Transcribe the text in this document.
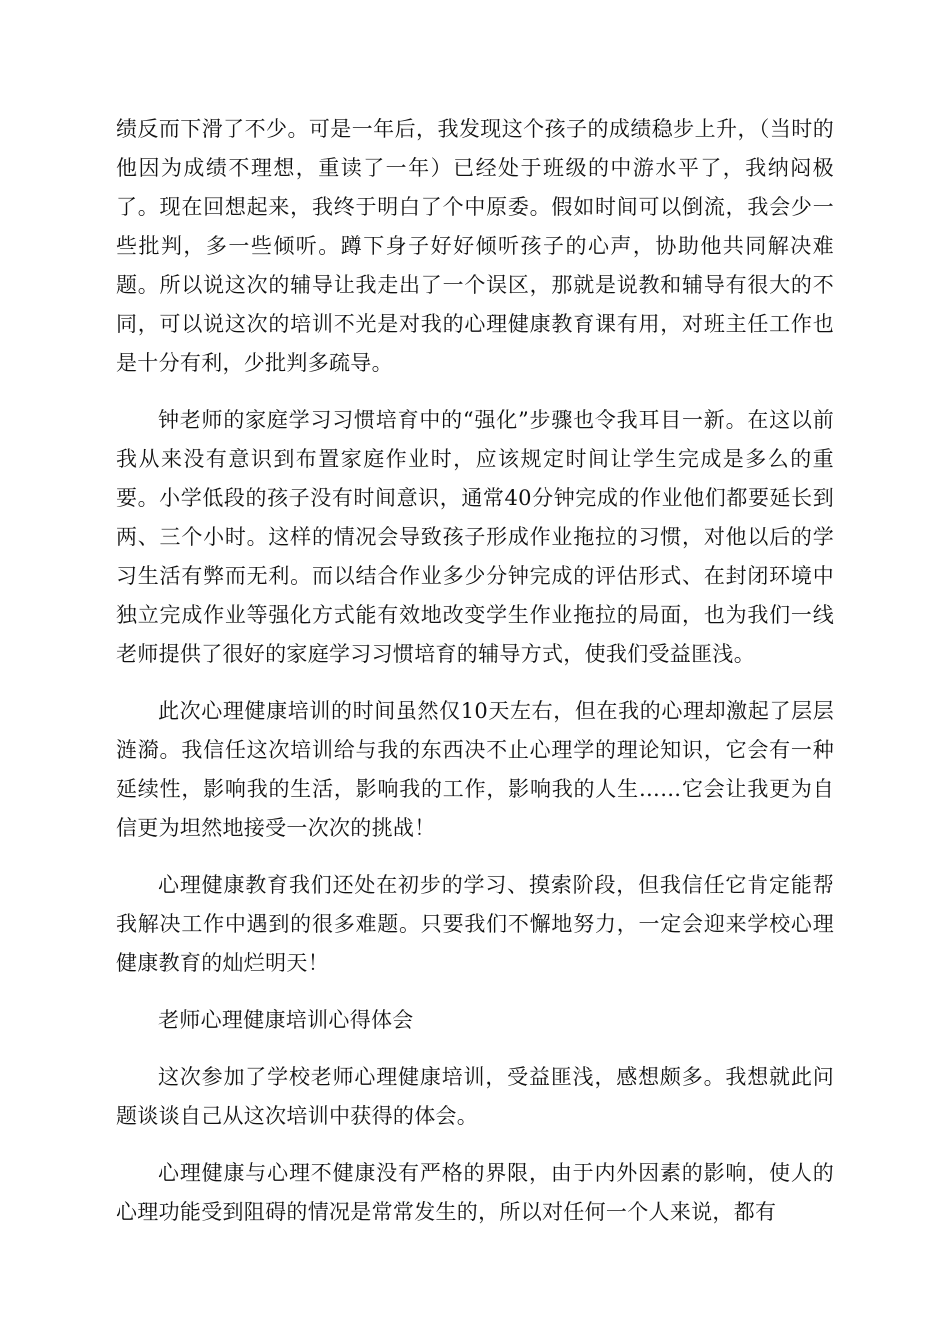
绩反而下滑了不少。可是一年后，我发现这个孩子的成绩稳步上升，（当时的他因为成绩不理想，重读了一年）已经处于班级的中游水平了，我纳闷极了。现在回想起来，我终于明白了个中原委。假如时间可以倒流，我会少一些批判，多一些倾听。蹲下身子好好倾听孩子的心声，协助他共同解决难题。所以说这次的辅导让我走出了一个误区，那就是说教和辅导有很大的不同，可以说这次的培训不光是对我的心理健康教育课有用，对班主任工作也是十分有利，少批判多疏导。

钟老师的家庭学习习惯培育中的“强化”步骤也令我耳目一新。在这以前我从来没有意识到布置家庭作业时，应该规定时间让学生完成是多么的重要。小学低段的孩子没有时间意识，通常40分钟完成的作业他们都要延长到两、三个小时。这样的情况会导致孩子形成作业拖拉的习惯，对他以后的学习生活有弊而无利。而以结合作业多少分钟完成的评估形式、在封闭环境中独立完成作业等强化方式能有效地改变学生作业拖拉的局面，也为我们一线老师提供了很好的家庭学习习惯培育的辅导方式，使我们受益匪浅。

此次心理健康培训的时间虽然仅10天左右，但在我的心理却激起了层层涟漪。我信任这次培训给与我的东西决不止心理学的理论知识，它会有一种延续性，影响我的生活，影响我的工作，影响我的人生……它会让我更为自信更为坦然地接受一次次的挑战！

心理健康教育我们还处在初步的学习、摸索阶段，但我信任它肯定能帮我解决工作中遇到的很多难题。只要我们不懈地努力，一定会迎来学校心理健康教育的灿烂明天！

老师心理健康培训心得体会

这次参加了学校老师心理健康培训，受益匪浅，感想颇多。我想就此问题谈谈自己从这次培训中获得的体会。

心理健康与心理不健康没有严格的界限，由于内外因素的影响，使人的心理功能受到阻碍的情况是常常发生的，所以对任何一个人来说，都有
